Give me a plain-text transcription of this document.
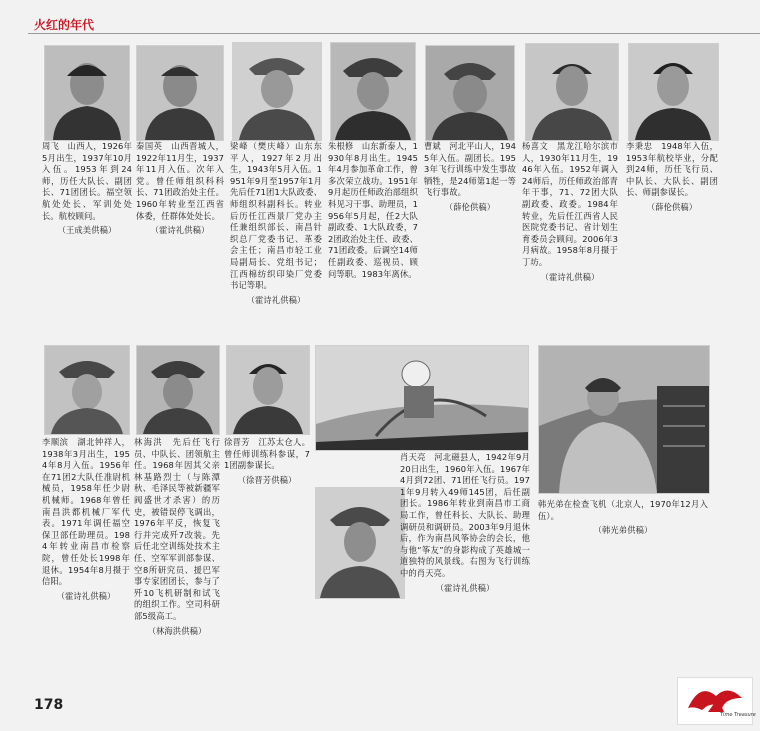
火红的年代
周飞　山西人，1926年5月出生，1937年10月入伍。1953年到24师，历任大队长、副团长、71团团长。福空领航处处长、军训处处长。航校顾问。
（王成美供稿）
秦国英　山西晋城人，1922年11月生，1937年11月入伍。次年入党。曾任师组织科科长、71团政治处主任。1960年转业至江西省体委，任群体处处长。
（霍诗礼供稿）
梁峰（樊庆峰）山东东平人，1927年2月出生，1943年5月入伍。1951年9月至1957年1月先后任71团1大队政委、师组织科副科长。转业后历任江西景厂党办主任兼组织部长、南昌针织总厂党委书记、革委会主任；南昌市轻工业局副局长、党组书记；江西棉纺织印染厂党委书记等职。
（霍诗礼供稿）
朱根修　山东新泰人，1930年8月出生。1945年4月参加革命工作，曾多次荣立战功。1951年9月起历任师政治部组织科见习干事、助理员，1956年5月起，任2大队副政委、1大队政委，72团政治处主任、政委、71团政委。后调空14师任副政委、巡视员、顾问等职。1983年离休。
曹斌　河北平山人，1945年入伍。副团长。1953年飞行训练中发生事故牺牲，是24师第1起一等飞行事故。
（薛伦供稿）
杨喜文　黑龙江哈尔滨市人，1930年11月生，1946年入伍。1952年调入24师后，历任师政治部青年干事，71、72团大队副政委、政委。1984年转业，先后任江西省人民医院党委书记、省计划生育委员会顾问。2006年3月病故。1958年8月摄于丁坊。
（霍诗礼供稿）
李秉忠　1948年入伍，1953年航校毕业，分配到24师，历任飞行员、中队长、大队长、副团长、师副参谋长。
（薛伦供稿）
李顺滨　湖北钟祥人，1938年3月出生，1954年8月入伍。1956年在71团2大队任准尉机械员，1958年任少尉机械师。1968年曾任南昌洪都机械厂军代表。1971年调任福空保卫部任助理员。1984年转业南昌市检察院，曾任处长1998年退休。1954年8月摄于信阳。
（霍诗礼供稿）
林海洪　先后任飞行员、中队长、团领航主任。1968年因其父亲林基路烈士（与陈潭秋、毛泽民等被新疆军阀盛世才杀害）的历史，被错误停飞调出，1976年平反，恢复飞行并完成歼7改装。先后任北空训练处技术主任、空军军训部参谋、空8所研究员、援巴军事专家团团长，参与了歼10飞机研制和试飞的组织工作。空司科研部5级高工。
（林海洪供稿）
徐晋芳　江苏太仓人。曾任师训练科参谋，71团副参谋长。
（徐晋芳供稿）
肖天亮　河北磁县人，1942年9月20日出生，1960年入伍。1967年4月到72团、71团任飞行员。1971年9月转入49师145团，后任副团长。1986年转业到南昌市工商局工作，曾任科长、大队长、助理调研员和调研员。2003年9月退休后，作为南昌风筝协会的会长，他与他“筝友”的身影构成了英雄城一道独特的风景线。右图为飞行训练中的肖天亮。
（霍诗礼供稿）
韩光弟在检查飞机（北京人，1970年12月入伍）。
（韩光弟供稿）
178
Time Treasure
